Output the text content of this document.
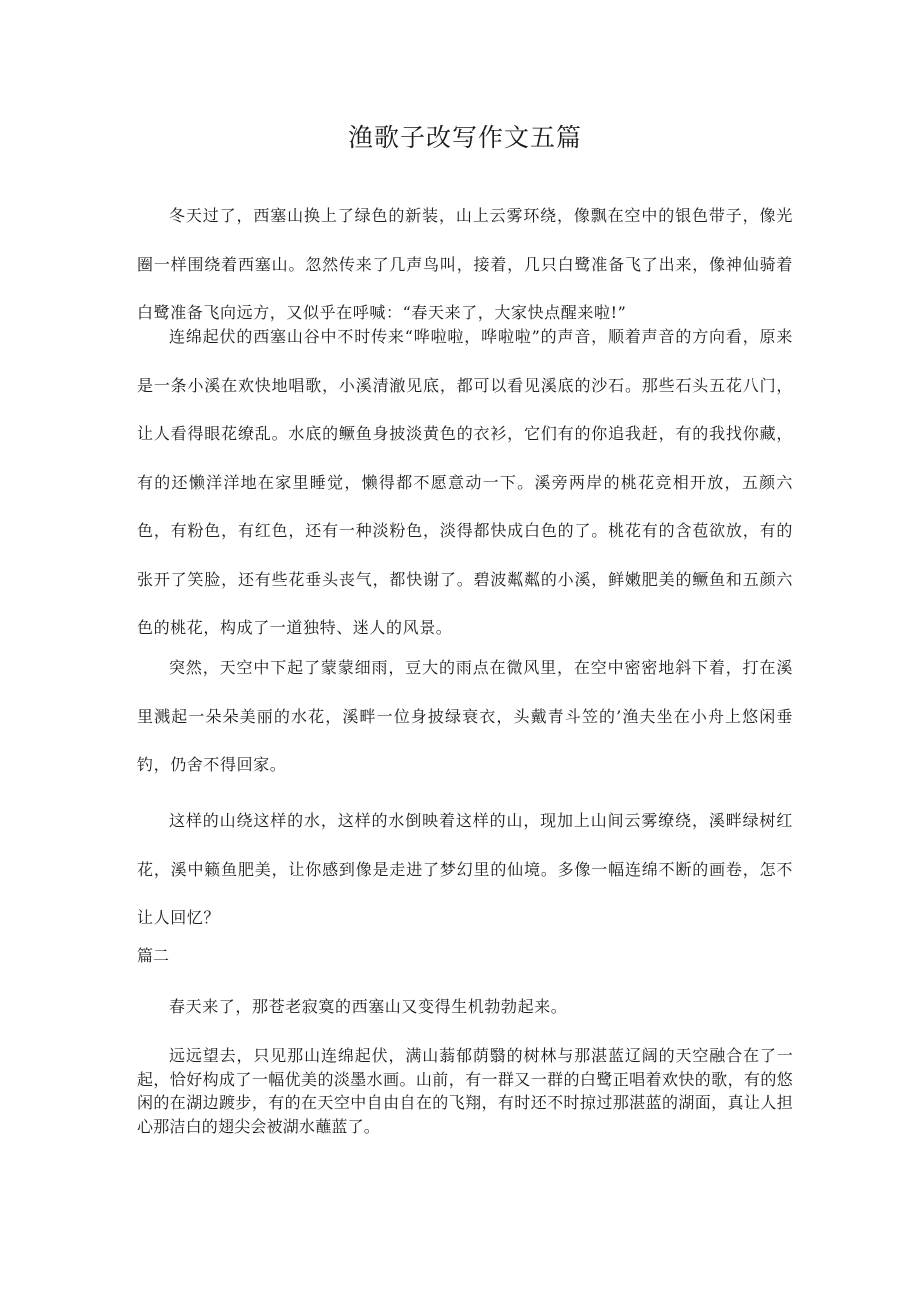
渔歌子改写作文五篇

冬天过了，西塞山换上了绿色的新装，山上云雾环绕，像飘在空中的银色带子，像光圈一样围绕着西塞山。忽然传来了几声鸟叫，接着，几只白鹭准备飞了出来，像神仙骑着白鹭准备飞向远方，又似乎在呼喊：“春天来了，大家快点醒来啦!”

连绵起伏的西塞山谷中不时传来“哗啦啦，哗啦啦”的声音，顺着声音的方向看，原来是一条小溪在欢快地唱歌，小溪清澈见底，都可以看见溪底的沙石。那些石头五花八门，让人看得眼花缭乱。水底的鳜鱼身披淡黄色的衣衫，它们有的你追我赶，有的我找你藏，有的还懒洋洋地在家里睡觉，懒得都不愿意动一下。溪旁两岸的桃花竞相开放，五颜六色，有粉色，有红色，还有一种淡粉色，淡得都快成白色的了。桃花有的含苞欲放，有的张开了笑脸，还有些花垂头丧气，都快谢了。碧波粼粼的小溪，鲜嫩肥美的鳜鱼和五颜六色的桃花，构成了一道独特、迷人的风景。

突然，天空中下起了蒙蒙细雨，豆大的雨点在微风里，在空中密密地斜下着，打在溪里溅起一朵朵美丽的水花，溪畔一位身披绿衰衣，头戴青斗笠的’渔夫坐在小舟上悠闲垂钓，仍舍不得回家。

这样的山绕这样的水，这样的水倒映着这样的山，现加上山间云雾缭绕，溪畔绿树红花，溪中籁鱼肥美，让你感到像是走进了梦幻里的仙境。多像一幅连绵不断的画卷，怎不让人回忆？

篇二

春天来了，那苍老寂寞的西塞山又变得生机勃勃起来。

远远望去，只见那山连绵起伏，满山蓊郁荫翳的树林与那湛蓝辽阔的天空融合在了一起，恰好构成了一幅优美的淡墨水画。山前，有一群又一群的白鹭正唱着欢快的歌，有的悠闲的在湖边踱步，有的在天空中自由自在的飞翔，有时还不时掠过那湛蓝的湖面，真让人担心那洁白的翅尖会被湖水蘸蓝了。
